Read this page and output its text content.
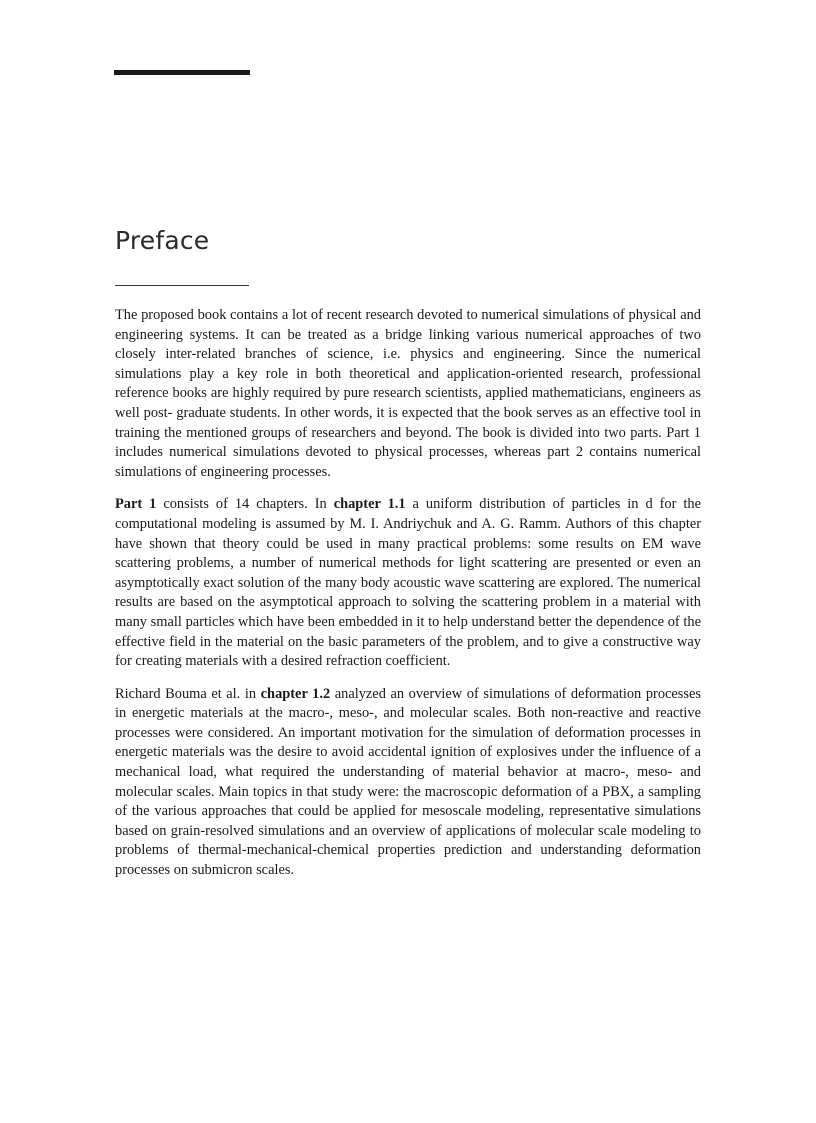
Preface

The proposed book contains a lot of recent research devoted to numerical simulations of physical and engineering systems. It can be treated as a bridge linking various numerical approaches of two closely inter-related branches of science, i.e. physics and engineering. Since the numerical simulations play a key role in both theoretical and application-oriented research, professional reference books are highly required by pure research scientists, applied mathematicians, engineers as well post- graduate students. In other words, it is expected that the book serves as an effective tool in training the mentioned groups of researchers and beyond. The book is divided into two parts. Part 1 includes numerical simulations devoted to physical processes, whereas part 2 contains numerical simulations of engineering processes.

Part 1 consists of 14 chapters. In chapter 1.1 a uniform distribution of particles in d for the computational modeling is assumed by M. I. Andriychuk and A. G. Ramm. Authors of this chapter have shown that theory could be used in many practical problems: some results on EM wave scattering problems, a number of numerical methods for light scattering are presented or even an asymptotically exact solution of the many body acoustic wave scattering are explored. The numerical results are based on the asymptotical approach to solving the scattering problem in a material with many small particles which have been embedded in it to help understand better the dependence of the effective field in the material on the basic parameters of the problem, and to give a constructive way for creating materials with a desired refraction coefficient.

Richard Bouma et al. in chapter 1.2 analyzed an overview of simulations of deformation processes in energetic materials at the macro-, meso-, and molecular scales. Both non-reactive and reactive processes were considered. An important motivation for the simulation of deformation processes in energetic materials was the desire to avoid accidental ignition of explosives under the influence of a mechanical load, what required the understanding of material behavior at macro-, meso- and molecular scales. Main topics in that study were: the macroscopic deformation of a PBX, a sampling of the various approaches that could be applied for mesoscale modeling, representative simulations based on grain-resolved simulations and an overview of applications of molecular scale modeling to problems of thermal-mechanical-chemical properties prediction and understanding deformation processes on submicron scales.
